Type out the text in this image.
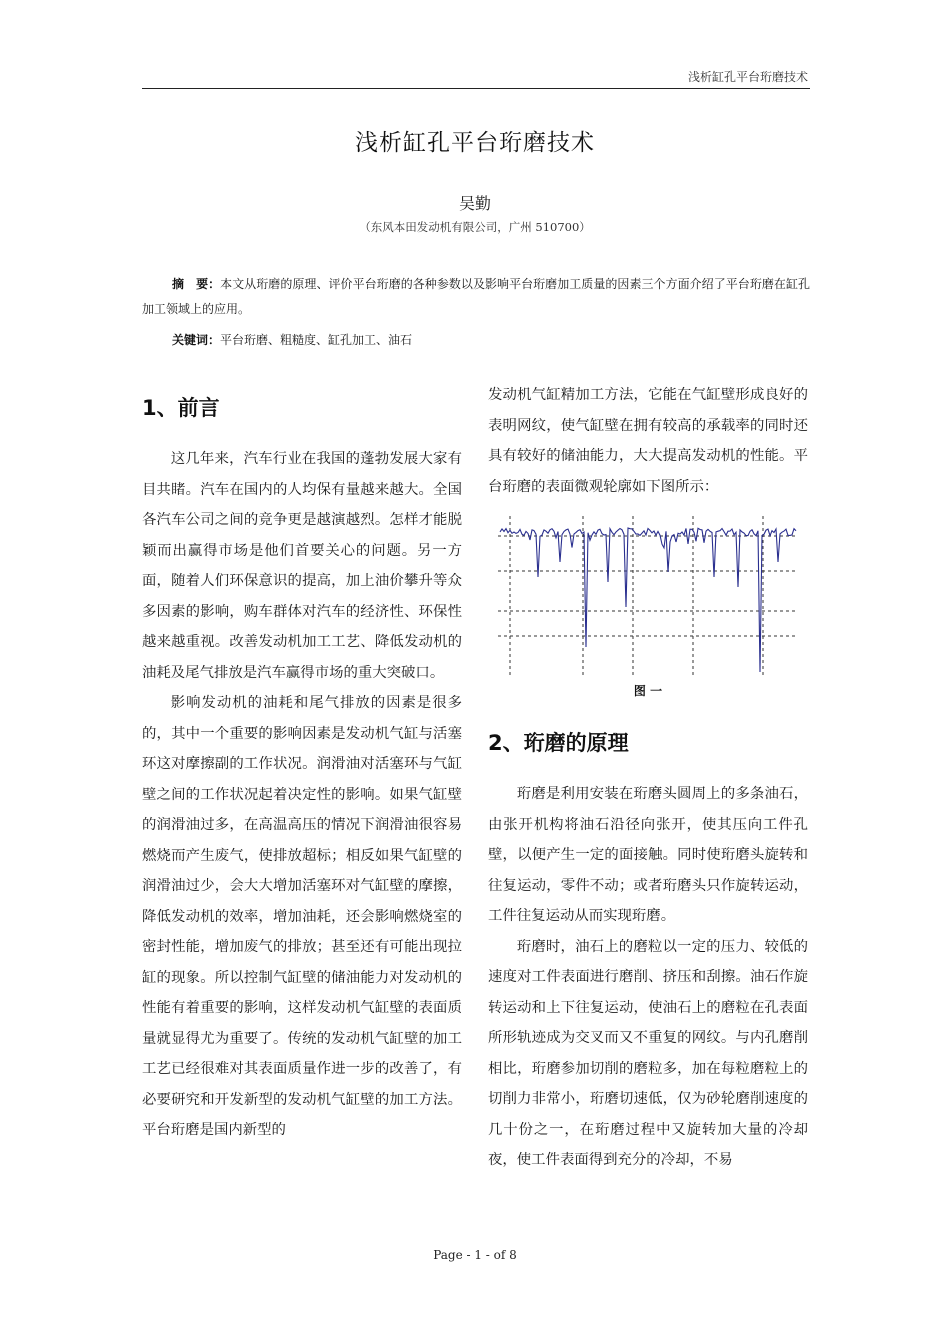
浅析缸孔平台珩磨技术
浅析缸孔平台珩磨技术
吴勤
（东风本田发动机有限公司，广州 510700）

摘　要：本文从珩磨的原理、评价平台珩磨的各种参数以及影响平台珩磨加工质量的因素三个方面介绍了平台珩磨在缸孔加工领域上的应用。

关键词：平台珩磨、粗糙度、缸孔加工、油石

1、前言

这几年来，汽车行业在我国的蓬勃发展大家有目共睹。汽车在国内的人均保有量越来越大。全国各汽车公司之间的竞争更是越演越烈。怎样才能脱颖而出赢得市场是他们首要关心的问题。另一方面，随着人们环保意识的提高，加上油价攀升等众多因素的影响，购车群体对汽车的经济性、环保性越来越重视。改善发动机加工工艺、降低发动机的油耗及尾气排放是汽车赢得市场的重大突破口。

影响发动机的油耗和尾气排放的因素是很多的，其中一个重要的影响因素是发动机气缸与活塞环这对摩擦副的工作状况。润滑油对活塞环与气缸壁之间的工作状况起着决定性的影响。如果气缸壁的润滑油过多，在高温高压的情况下润滑油很容易燃烧而产生废气，使排放超标；相反如果气缸壁的润滑油过少，会大大增加活塞环对气缸壁的摩擦，降低发动机的效率，增加油耗，还会影响燃烧室的密封性能，增加废气的排放；甚至还有可能出现拉缸的现象。所以控制气缸壁的储油能力对发动机的性能有着重要的影响，这样发动机气缸壁的表面质量就显得尤为重要了。传统的发动机气缸壁的加工工艺已经很难对其表面质量作进一步的改善了，有必要研究和开发新型的发动机气缸壁的加工方法。平台珩磨是国内新型的

发动机气缸精加工方法，它能在气缸壁形成良好的表明网纹，使气缸壁在拥有较高的承载率的同时还具有较好的储油能力，大大提高发动机的性能。平台珩磨的表面微观轮廓如下图所示：

图 一

2、珩磨的原理

珩磨是利用安装在珩磨头圆周上的多条油石，由张开机构将油石沿径向张开，使其压向工件孔壁，以便产生一定的面接触。同时使珩磨头旋转和往复运动，零件不动；或者珩磨头只作旋转运动，工件往复运动从而实现珩磨。

珩磨时，油石上的磨粒以一定的压力、较低的速度对工件表面进行磨削、挤压和刮擦。油石作旋转运动和上下往复运动，使油石上的磨粒在孔表面所形轨迹成为交叉而又不重复的网纹。与内孔磨削相比，珩磨参加切削的磨粒多，加在每粒磨粒上的切削力非常小，珩磨切速低，仅为砂轮磨削速度的几十份之一，在珩磨过程中又旋转加大量的冷却夜，使工件表面得到充分的冷却，不易

Page - 1 - of 8
